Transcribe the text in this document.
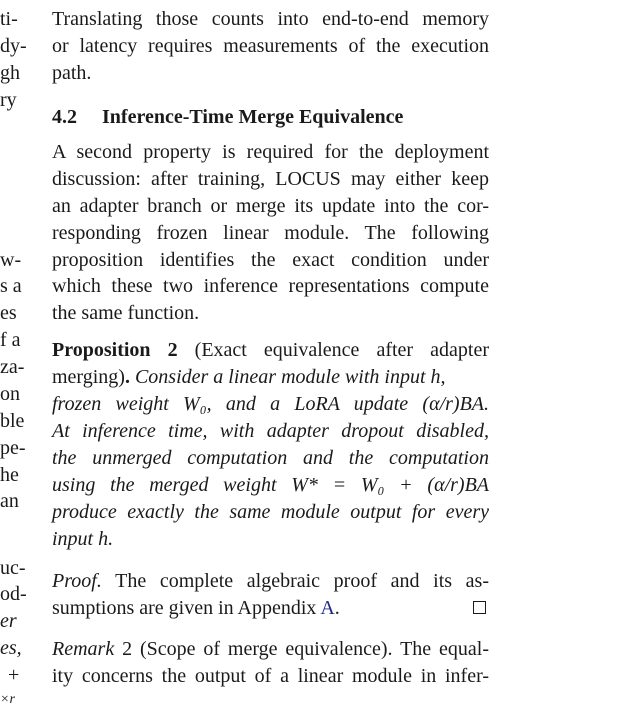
ti-
dy-
gh
ry
w-
s a
es
f a
za-
on
ble
pe-
he
an
uc-
od-
er
es,
+
×r
Translating those counts into end-to-end memory
or latency requires measurements of the execution
path.
4.2 Inference-Time Merge Equivalence
A second property is required for the deployment
discussion: after training, LOCUS may either keep
an adapter branch or merge its update into the cor-
responding frozen linear module. The following
proposition identifies the exact condition under
which these two inference representations compute
the same function.
Proposition 2 (Exact equivalence after adapter
merging). Consider a linear module with input h,
frozen weight W₀, and a LoRA update (α/r)BA.
At inference time, with adapter dropout disabled,
the unmerged computation and the computation
using the merged weight W* = W₀ + (α/r)BA
produce exactly the same module output for every
input h.
Proof. The complete algebraic proof and its as-
sumptions are given in Appendix A.
Remark 2 (Scope of merge equivalence). The equal-
ity concerns the output of a linear module in infer-
